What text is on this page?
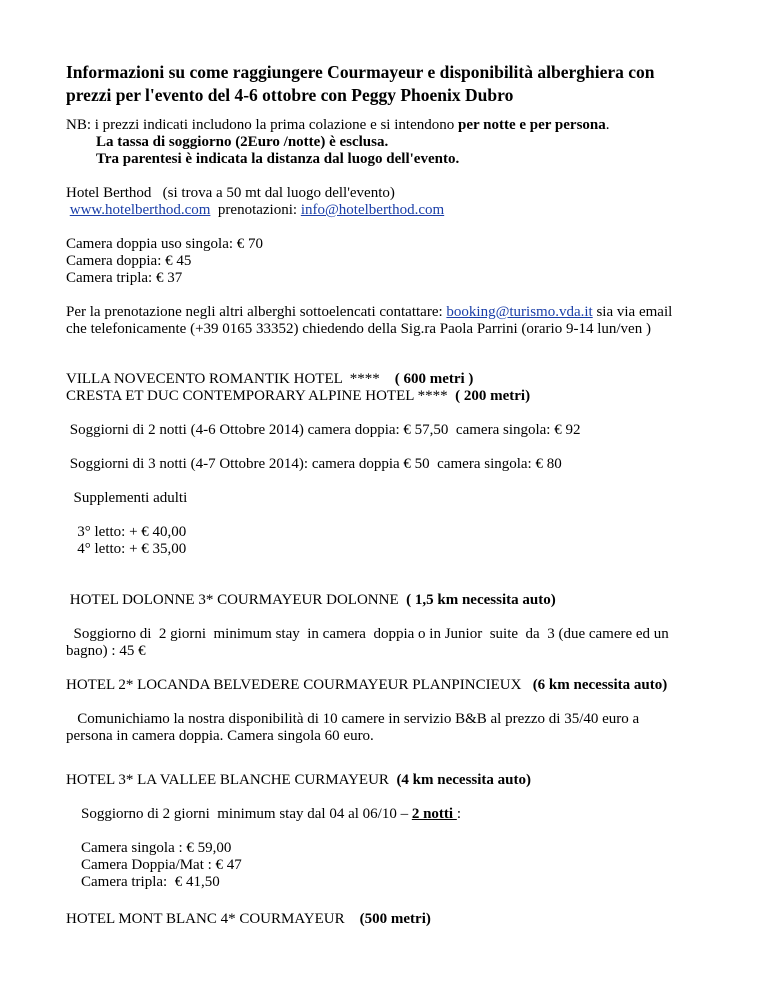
Informazioni su come raggiungere Courmayeur e disponibilità alberghiera con
prezzi per l'evento del 4-6 ottobre con Peggy Phoenix Dubro
NB: i prezzi indicati includono la prima colazione e si intendono per notte e per persona.
La tassa di soggiorno (2Euro /notte) è esclusa.
Tra parentesi è indicata la distanza dal luogo dell'evento.
Hotel Berthod   (si trova a 50 mt dal luogo dell'evento)
www.hotelberthod.com  prenotazioni: info@hotelberthod.com
Camera doppia uso singola: € 70
Camera doppia: € 45
Camera tripla: € 37
Per la prenotazione negli altri alberghi sottoelencati contattare: booking@turismo.vda.it sia via email
che telefonicamente (+39 0165 33352) chiedendo della Sig.ra Paola Parrini (orario 9-14 lun/ven )
VILLA NOVECENTO ROMANTIK HOTEL  ****    ( 600 metri )
CRESTA ET DUC CONTEMPORARY ALPINE HOTEL ****  ( 200 metri)
Soggiorni di 2 notti (4-6 Ottobre 2014) camera doppia: € 57,50  camera singola: € 92
Soggiorni di 3 notti (4-7 Ottobre 2014): camera doppia € 50  camera singola: € 80
Supplementi adulti
3° letto: + € 40,00
4° letto: + € 35,00
HOTEL DOLONNE 3* COURMAYEUR DOLONNE  ( 1,5 km necessita auto)
Soggiorno di  2 giorni  minimum stay  in camera  doppia o in Junior  suite  da  3 (due camere ed un
bagno) : 45 €
HOTEL 2* LOCANDA BELVEDERE COURMAYEUR PLANPINCIEUX   (6 km necessita auto)
Comunichiamo la nostra disponibilità di 10 camere in servizio B&B al prezzo di 35/40 euro a
persona in camera doppia. Camera singola 60 euro.
HOTEL 3* LA VALLEE BLANCHE CURMAYEUR  (4 km necessita auto)
Soggiorno di 2 giorni  minimum stay dal 04 al 06/10 – 2 notti :
Camera singola : € 59,00
Camera Doppia/Mat : € 47
Camera tripla:  € 41,50
HOTEL MONT BLANC 4* COURMAYEUR    (500 metri)
